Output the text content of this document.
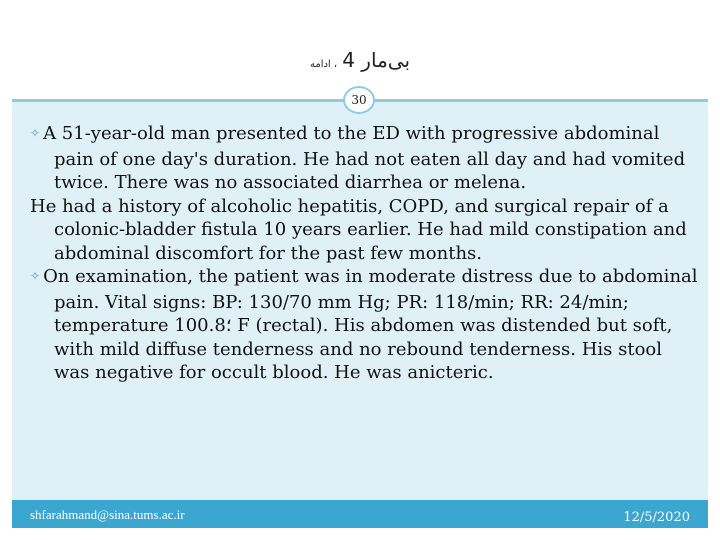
بی‌مار 4 ، ادامه
30

✧ A 51-year-old man presented to the ED with progressive abdominal pain of one day's duration. He had not eaten all day and had vomited twice. There was no associated diarrhea or melena.

He had a history of alcoholic hepatitis, COPD, and surgical repair of a colonic-bladder fistula 10 years earlier. He had mild constipation and abdominal discomfort for the past few months.

✧ On examination, the patient was in moderate distress due to abdominal pain. Vital signs: BP: 130/70 mm Hg; PR: 118/min; RR: 24/min; temperature 100.8؛ F (rectal). His abdomen was distended but soft, with mild diffuse tenderness and no rebound tenderness. His stool was negative for occult blood. He was anicteric.

shfarahmand@sina.tums.ac.ir	12/5/2020
